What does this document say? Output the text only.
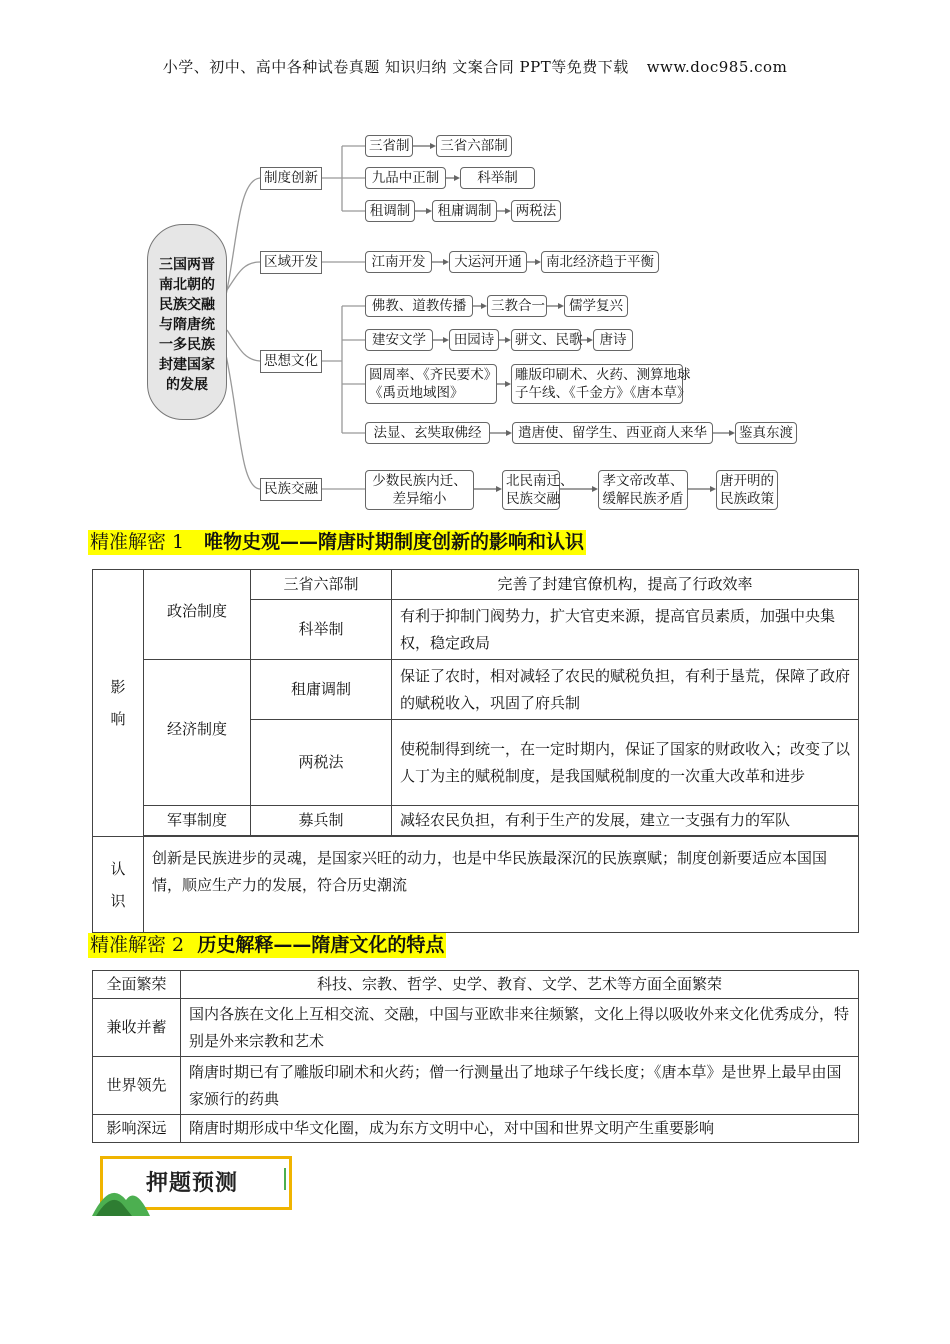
小学、初中、高中各种试卷真题 知识归纳 文案合同 PPT等免费下载 www.doc985.com
三国两晋
南北朝的
民族交融
与隋唐统
一多民族
封建国家
的发展
制度创新
区域开发
思想文化
民族交融
三省制	三省六部制
九品中正制	科举制
租调制	租庸调制	两税法
江南开发	大运河开通	南北经济趋于平衡
佛教、道教传播	三教合一	儒学复兴
建安文学	田园诗	骈文、民歌	唐诗
圆周率、《齐民要术》
《禹贡地域图》
雕版印刷术、火药、测算地球
子午线、《千金方》《唐本草》
法显、玄奘取佛经	遣唐使、留学生、西亚商人来华	鉴真东渡
少数民族内迁、
差异缩小
北民南迁、
民族交融
孝文帝改革、
缓解民族矛盾
唐开明的
民族政策
精准解密 1 唯物史观——隋唐时期制度创新的影响和认识
影
响	政治制度	三省六部制	完善了封建官僚机构，提高了行政效率
		科举制	有利于抑制门阀势力，扩大官吏来源，提高官员素质，加强中央集权，稳定政局
	经济制度	租庸调制	保证了农时，相对减轻了农民的赋税负担，有利于垦荒，保障了政府的赋税收入，巩固了府兵制
		两税法	使税制得到统一，在一定时期内，保证了国家的财政收入；改变了以人丁为主的赋税制度，是我国赋税制度的一次重大改革和进步
	军事制度	募兵制	减轻农民负担，有利于生产的发展，建立一支强有力的军队

认
识	创新是民族进步的灵魂，是国家兴旺的动力，也是中华民族最深沉的民族禀赋；制度创新要适应本国国情，顺应生产力的发展，符合历史潮流		
精准解密 2 历史解释——隋唐文化的特点
全面繁荣	科技、宗教、哲学、史学、教育、文学、艺术等方面全面繁荣
兼收并蓄	国内各族在文化上互相交流、交融，中国与亚欧非来往频繁，文化上得以吸收外来文化优秀成分，特别是外来宗教和艺术
世界领先	隋唐时期已有了雕版印刷术和火药；僧一行测量出了地球子午线长度；《唐本草》是世界上最早由国家颁行的药典
影响深远	隋唐时期形成中华文化圈，成为东方文明中心，对中国和世界文明产生重要影响
押题预测
